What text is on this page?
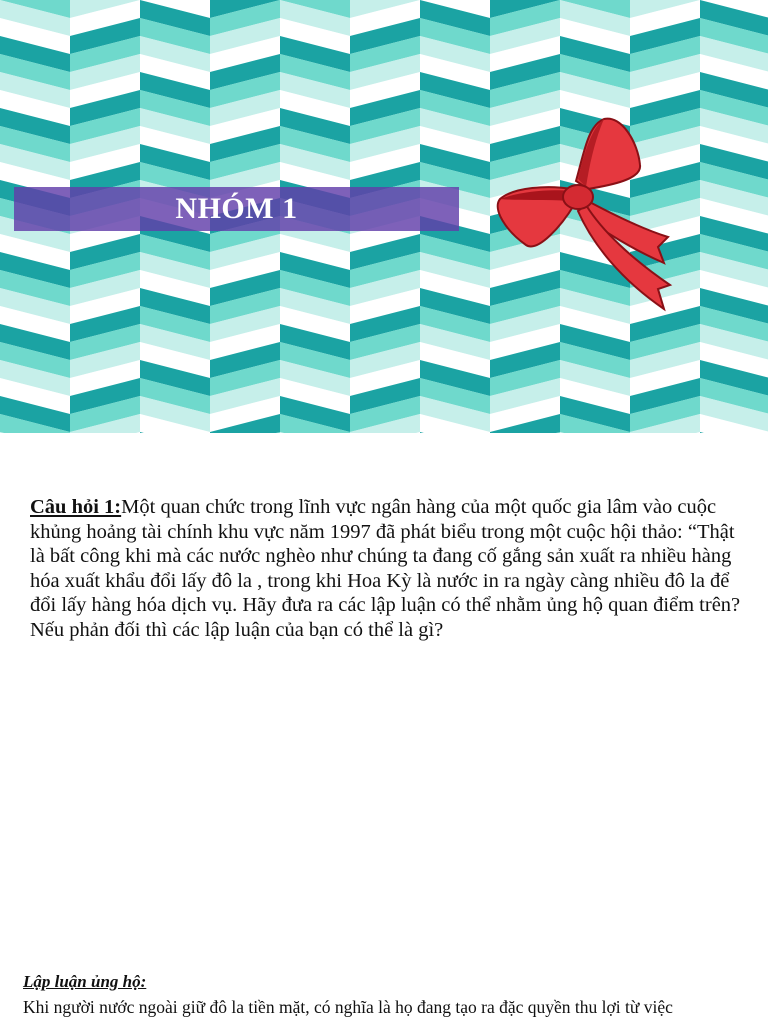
NHÓM 1
Câu hỏi 1:Một quan chức trong lĩnh vực ngân hàng của một quốc gia lâm vào cuộc khủng hoảng tài chính khu vực năm 1997 đã phát biểu trong một cuộc hội thảo: “Thật là bất công khi mà các nước nghèo như chúng ta đang cố gắng sản xuất ra nhiều hàng hóa xuất khẩu đổi lấy đô la , trong khi Hoa Kỳ là nước in ra ngày càng nhiều đô la để đổi lấy hàng hóa dịch vụ. Hãy đưa ra các lập luận có thể nhằm ủng hộ quan điểm trên? Nếu phản đối thì các lập luận của bạn có thể là gì?
Lập luận ủng hộ:
Khi người nước ngoài giữ đô la tiền mặt, có nghĩa là họ đang tạo ra đặc quyền thu lợi từ việc
